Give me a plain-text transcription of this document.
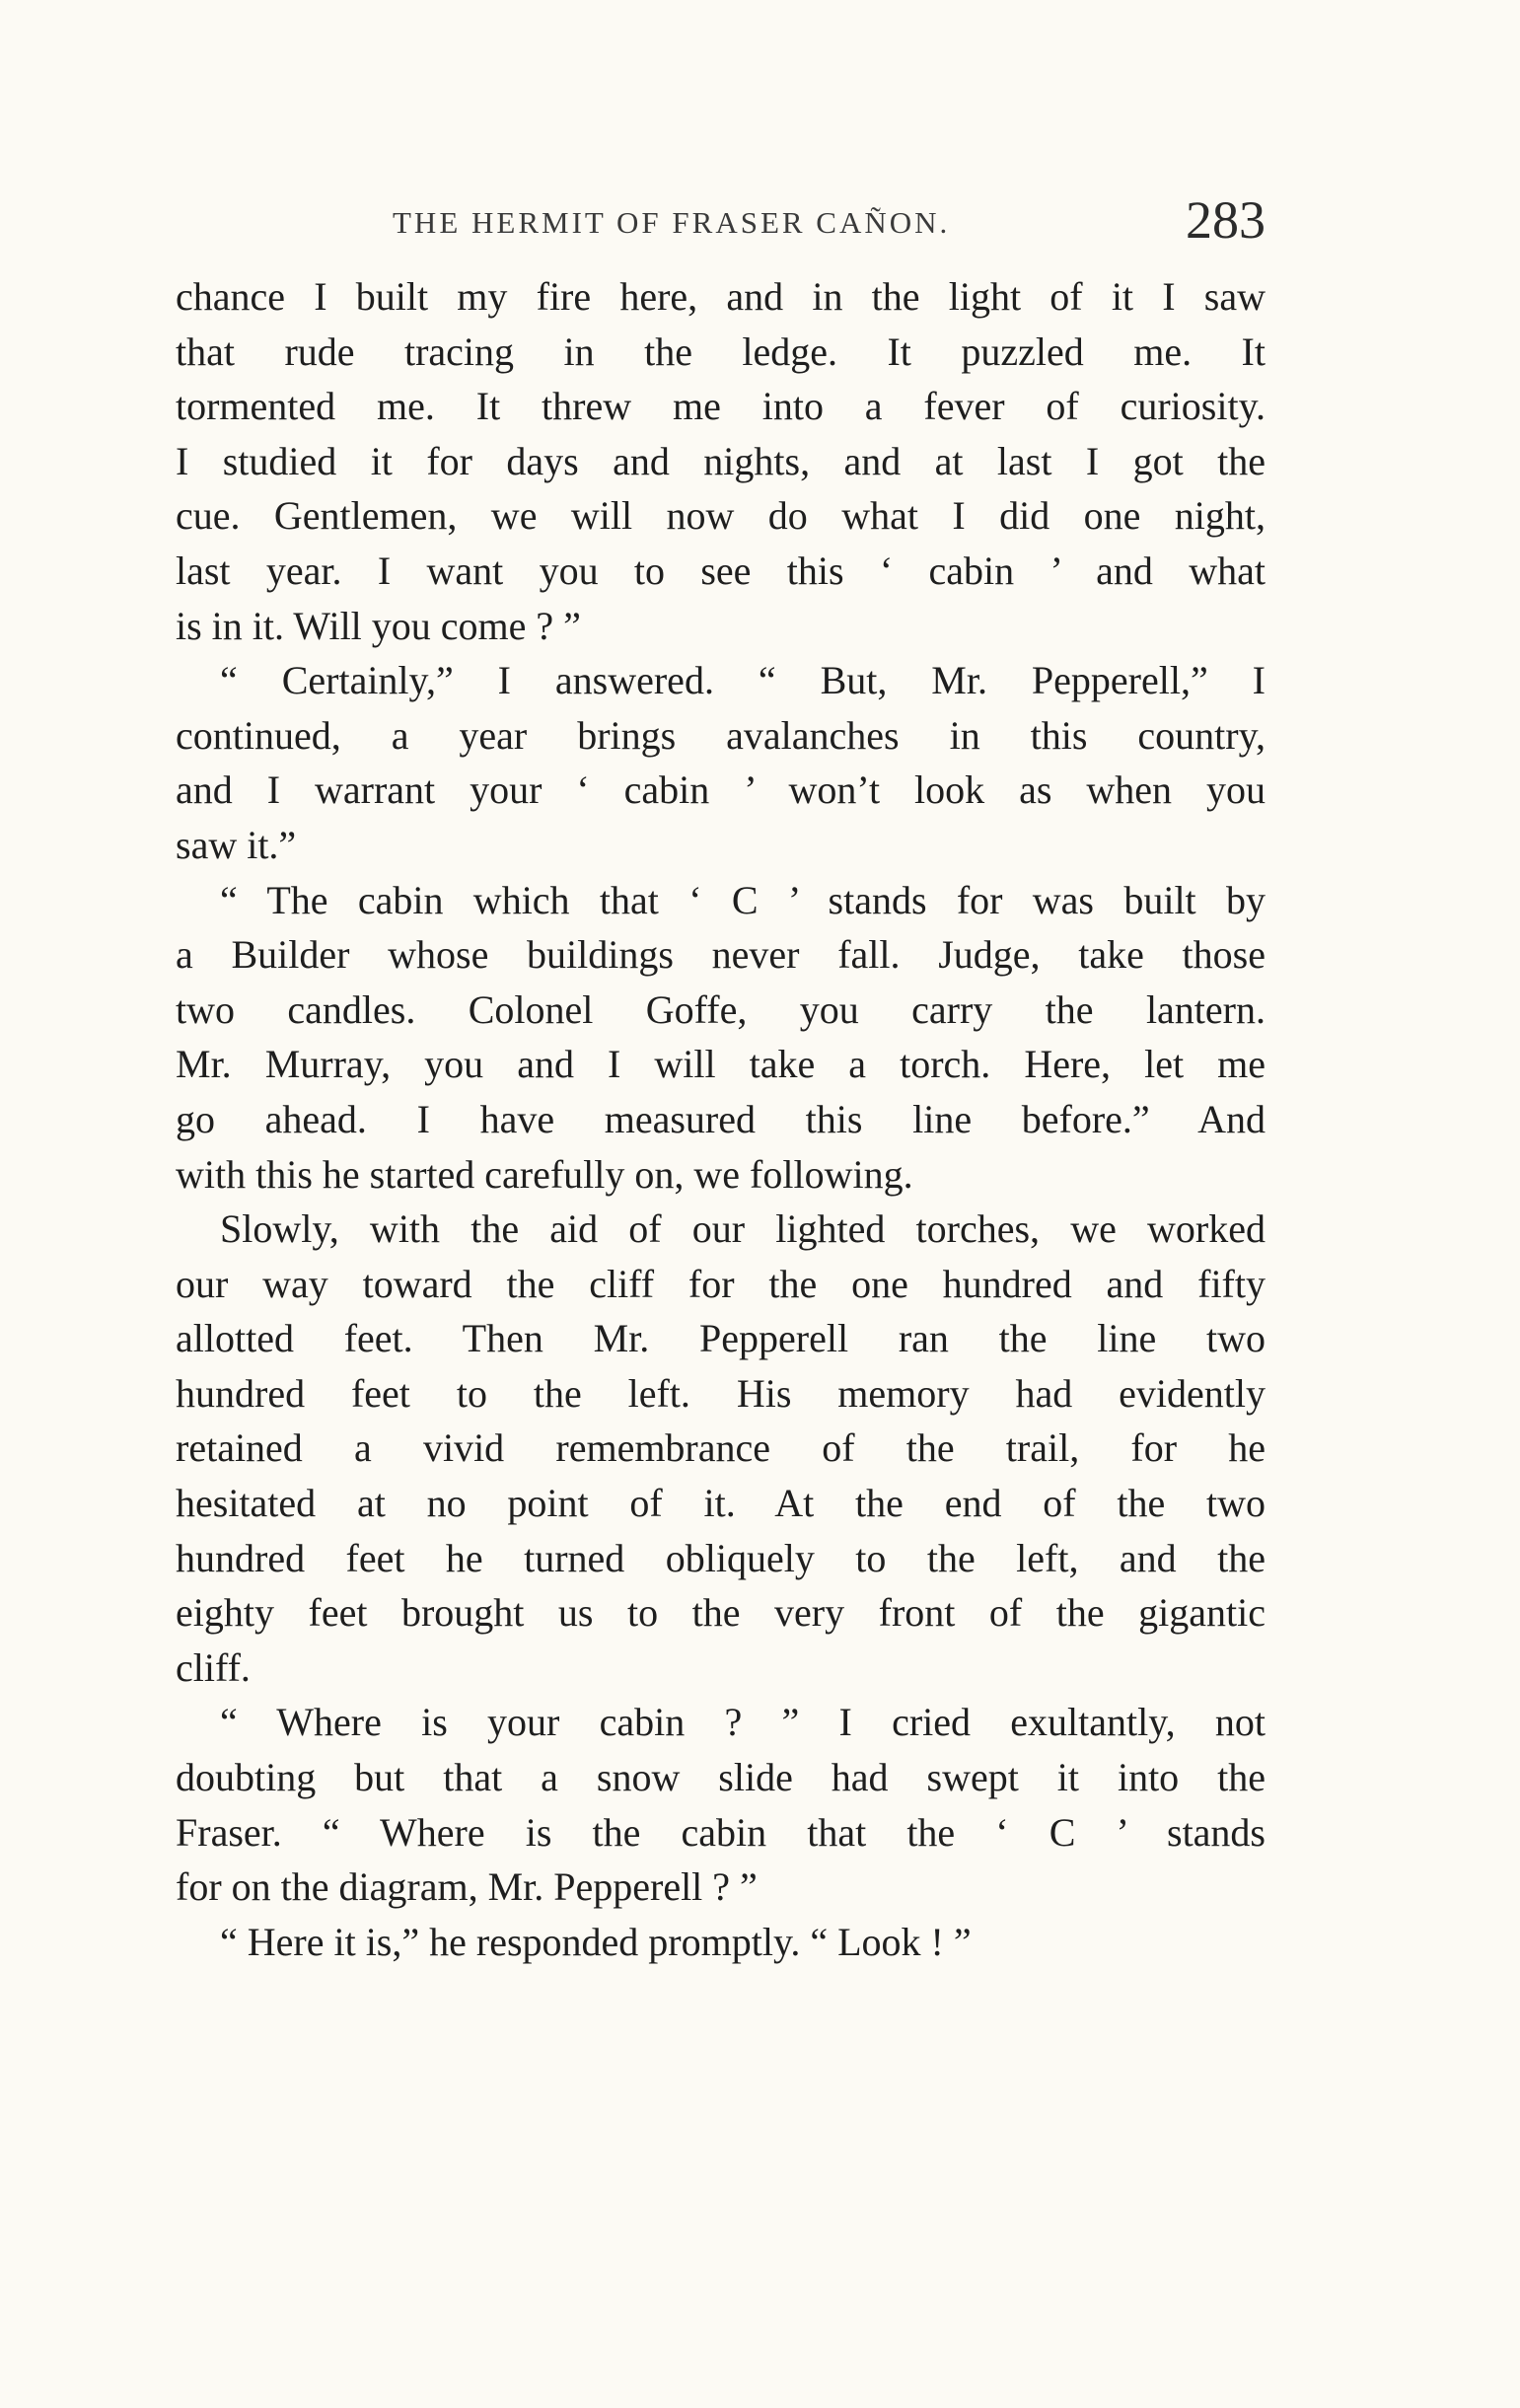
THE HERMIT OF FRASER CAÑON.	283
chance I built my fire here, and in the light of it I saw
that rude tracing in the ledge. It puzzled me. It
tormented me. It threw me into a fever of curiosity.
I studied it for days and nights, and at last I got the
cue. Gentlemen, we will now do what I did one night,
last year. I want you to see this ‘ cabin ’ and what
is in it. Will you come ? ”
“ Certainly,” I answered. “ But, Mr. Pepperell,” I
continued, a year brings avalanches in this country,
and I warrant your ‘ cabin ’ won’t look as when you
saw it.”
“ The cabin which that ‘ C ’ stands for was built by
a Builder whose buildings never fall. Judge, take those
two candles. Colonel Goffe, you carry the lantern.
Mr. Murray, you and I will take a torch. Here, let me
go ahead. I have measured this line before.” And
with this he started carefully on, we following.
Slowly, with the aid of our lighted torches, we worked
our way toward the cliff for the one hundred and fifty
allotted feet. Then Mr. Pepperell ran the line two
hundred feet to the left. His memory had evidently
retained a vivid remembrance of the trail, for he
hesitated at no point of it. At the end of the two
hundred feet he turned obliquely to the left, and the
eighty feet brought us to the very front of the gigantic
cliff.
“ Where is your cabin ? ” I cried exultantly, not
doubting but that a snow slide had swept it into the
Fraser. “ Where is the cabin that the ‘ C ’ stands
for on the diagram, Mr. Pepperell ? ”
“ Here it is,” he responded promptly. “ Look ! ”
